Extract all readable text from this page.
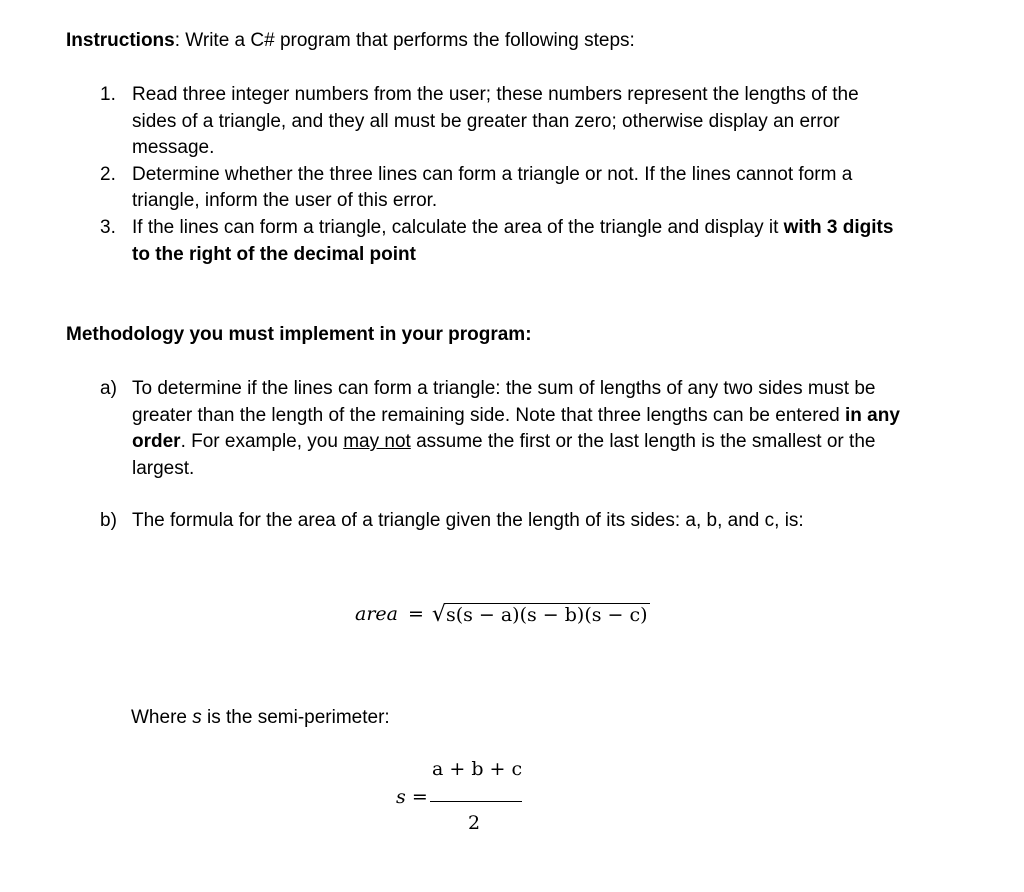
Instructions: Write a C# program that performs the following steps:
1. Read three integer numbers from the user; these numbers represent the lengths of the sides of a triangle, and they all must be greater than zero; otherwise display an error message.
2. Determine whether the three lines can form a triangle or not. If the lines cannot form a triangle, inform the user of this error.
3. If the lines can form a triangle, calculate the area of the triangle and display it with 3 digits to the right of the decimal point
Methodology you must implement in your program:
a) To determine if the lines can form a triangle: the sum of lengths of any two sides must be greater than the length of the remaining side. Note that three lengths can be entered in any order. For example, you may not assume the first or the last length is the smallest or the largest.
b) The formula for the area of a triangle given the length of its sides: a, b, and c, is:
area = √ s(s − a)(s − b)(s − c)
Where s is the semi-perimeter:
s =
a + b + c
2
